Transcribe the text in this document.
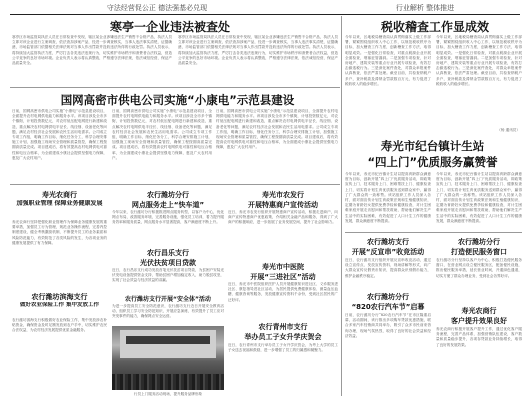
守法经营促公正 德法强基必兑现	行业解析 整体推进
寒亭一企业违法被查处
寒亭区市场监管局执法人员在日常检查中发现，辖区某企业涉嫌违法生产销售不合格产品，执法人员立即对该企业进行立案调查，依法查扣涉案产品，经进一步调查核实，当事人违法事实清楚，证据确凿，市场监管部门依据相关法律法规对当事人作出罚款并没收违法所得的行政处罚。执法人员表示，将持续加大监管执法力度，严厉打击各类违法违规行为，切实维护市场秩序和消费者合法权益，营造公平竞争的良好市场环境。企业负责人表示将认真整改，严格遵守法律法规，依法诚信经营，保证产品质量安全。
寒亭区市场监管局执法人员在日常检查中发现，辖区某企业涉嫌违法生产销售不合格产品，执法人员立即对该企业进行立案调查，依法查扣涉案产品，经进一步调查核实，当事人违法事实清楚，证据确凿，市场监管部门依据相关法律法规对当事人作出罚款并没收违法所得的行政处罚。执法人员表示，将持续加大监管执法力度，严厉打击各类违法违规行为，切实维护市场秩序和消费者合法权益，营造公平竞争的良好市场环境。企业负责人表示将认真整改，严格遵守法律法规，依法诚信经营，保证产品质量安全。
税收稽查工作显成效
今年以来，区地税局稽查局认真贯彻落实上级工作部署，紧紧围绕组织收入中心工作，以规范税收秩序为目标，加大稽查工作力度，创新稽查工作方法，取得明显成效。一是强化日常检查，对重点税源企业开展全面检查，堵塞征管漏洞。二是加强专项检查，针对房地产、建筑安装等重点行业开展专项检查，有效打击偷逃税行为。三是深化案件查处，对群众举报案件认真核查，依法严肃处理。截至目前，共检查纳税户多户，查补税款及滞纳金罚款数百万元，有力促进了税收收入的稳步增长。
今年以来，区地税局稽查局认真贯彻落实上级工作部署，紧紧围绕组织收入中心工作，以规范税收秩序为目标，加大稽查工作力度，创新稽查工作方法，取得明显成效。一是强化日常检查，对重点税源企业开展全面检查，堵塞征管漏洞。二是加强专项检查，针对房地产、建筑安装等重点行业开展专项检查，有效打击偷逃税行为。三是深化案件查处，对群众举报案件认真核查，依法严肃处理。截至目前，共检查纳税户多户，查补税款及滞纳金罚款数百万元，有力促进了税收收入的稳步增长。
（杨 通讯员）
国网高密市供电公司实施“小康电”示范县建设
日前，国网高密市供电公司实施“小康电”示范县建设项目，全面提升农村电网供电能力和服务水平。该项目涉及全市多个镇街，计划投资数亿元，对农村低压配电网进行新建和改造，重点解决农村电网供电半径长、线径细、设备老化等问题，满足农村经济社会发展和农民生活用电需求。公司成立专项工作组，明确工作目标，细化任务分工，科学合理安排施工计划，加强施工现场安全管理和质量管控，确保工程按期高质量完成。项目建成后，将有效提高农村电网供电可靠性和电压合格率，为全面建成小康社会提供坚强电力保障，惠及广大农村用户。
日前，国网高密市供电公司实施“小康电”示范县建设项目，全面提升农村电网供电能力和服务水平。该项目涉及全市多个镇街，计划投资数亿元，对农村低压配电网进行新建和改造，重点解决农村电网供电半径长、线径细、设备老化等问题，满足农村经济社会发展和农民生活用电需求。公司成立专项工作组，明确工作目标，细化任务分工，科学合理安排施工计划，加强施工现场安全管理和质量管控，确保工程按期高质量完成。项目建成后，将有效提高农村电网供电可靠性和电压合格率，为全面建成小康社会提供坚强电力保障，惠及广大农村用户。
日前，国网高密市供电公司实施“小康电”示范县建设项目，全面提升农村电网供电能力和服务水平。该项目涉及全市多个镇街，计划投资数亿元，对农村低压配电网进行新建和改造，重点解决农村电网供电半径长、线径细、设备老化等问题，满足农村经济社会发展和农民生活用电需求。公司成立专项工作组，明确工作目标，细化任务分工，科学合理安排施工计划，加强施工现场安全管理和质量管控，确保工程按期高质量完成。项目建成后，将有效提高农村电网供电可靠性和电压合格率，为全面建成小康社会提供坚强电力保障，惠及广大农村用户。	寿光市纪台镇计生站
“四上门”优质服务赢赞誉
今年以来，寿光市纪台镇计生站以提高育龄群众满意度为目标，创新开展“四上门”优质服务活动，即政策宣传上门、技术服务上门、困难帮扶上门、健康检查上门，切实将计划生育优质服务送到群众家中，赢得了广大群众的一致称赞。该站组织工作人员深入各村，面对面宣传计划生育政策法规和生殖健康知识，定期为育龄妇女提供免费孕检和健康检查，对计生困难家庭开展走访慰问和帮扶救助，帮助他们解决生产生活中的实际困难，有效促进了人口计生工作的健康发展，群众满意度不断提高。
今年以来，寿光市纪台镇计生站以提高育龄群众满意度为目标，创新开展“四上门”优质服务活动，即政策宣传上门、技术服务上门、困难帮扶上门、健康检查上门，切实将计划生育优质服务送到群众家中，赢得了广大群众的一致称赞。该站组织工作人员深入各村，面对面宣传计划生育政策法规和生殖健康知识，定期为育龄妇女提供免费孕检和健康检查，对计生困难家庭开展走访慰问和帮扶救助，帮助他们解决生产生活中的实际困难，有效促进了人口计生工作的健康发展，群众满意度不断提高。
寿光农商行
加强职业管理 保障业务健康发展
寿光农商行坚持把强化职业管理作为保障业务健康发展的重要举措，加强员工行为管理，规范业务操作流程，完善内控制度建设，健全考核激励机制，不断提升员工的业务素质和风险防范能力，有效防范了各类风险的发生，为各项业务的健康发展提供了有力保障。
农行潍坊分行
网点服务走上“快车道”
今年以来，农行潍坊分行积极推进网点服务转型，以客户为中心，优化网点布局，改善服务环境，完善服务设施，强化员工培训，着力提升服务效率和服务质量，网点服务水平显著提高，客户满意度不断上升。
寿光市农发行
开展特惠商户宣传活动
近日，寿光市农发行组织开展特惠商户宣传活动，积极走进商户，向商户宣传特惠商户优惠政策，介绍相关金融产品和服务，得到了广大商户的积极响应，进一步拓展了业务发展空间，提升了社会影响力。
农行潍坊分行
打造便民服务窗口
农行潍坊分行坚持以客户为中心，积极打造便民服务窗口，在营业网点设立便民服务区，配备便民设施，推出便民服务举措，延长营业时间，开通绿色通道，切实方便了群众办理业务，受到社会各界好评。
农行潍坊支行
开展“反宣串”收竞活动
近日，农行潍坊支行组织开展反宣串收竞活动，通过设立宣传点、发放宣传资料、现场讲解等形式，向广大群众宣传反假货币知识，提高群众识别假币能力，维护金融秩序稳定。
农行昌乐支行
光伏扶贫项目贷款
近日，农行昌乐支行成功发放首笔光伏扶贫项目贷款，为贫困户安装光伏发电设备提供资金支持，帮助贫困户增加稳定收入，助力脱贫攻坚，实现了社会效益与经济效益的双赢。
寿光市中医院
开展“三进社区”活动
近日，寿光市中医院组织医护人员开展健康知识进社区、义诊服务进社区、康复指导进社区活动，为居民提供免费健康体检、测量血压血糖、健康咨询等服务，发放健康宣传资料千余份，受到社区居民的广泛好评。	农行潍坊分行
“820农行汽车节”启幕
日前，农行潍坊分行“820农行汽车节”在市区隆重启幕，活动期间，该行推出多项购车贷款优惠措施，联合多家汽车经销商共同举办，吸引了众多市民前来咨询办理，现场气氛热烈，取得了良好的社会效益和经济效益。
寿光农商行
客户提升效果良好
寿光农商行积极开展客户提升工作，通过优化客户服务流程，完善产品体系，加强营销队伍建设，客户数量和质量稳步提升，各项存贷款业务持续增长，取得了良好的发展效果。
农行潍坊滨海支行
做好农业保险工作 集中发放工作
农行潍坊滨海支行积极做好农业保险工作，集中发放涉农补贴资金，确保资金及时足额发放到农户手中，切实维护农民合法权益，为农村经济发展提供优质金融服务。
农行潍坊支行开展“安全体”活动
为进一步提高员工安全防范意识，农行潍坊支行近日开展安全教育活动，组织员工学习安全防范知识，开展应急演练，有效提升了员工应对突发事件的能力，确保网点安全运营。
农行青州市支行
举办员工子女升学庆贺会
近日，农行青州市支行举办员工子女升学庆贺会，为考上大学的员工子女送去祝福和鼓励，进一步增强了员工的归属感和凝聚力。
行员上门服务活动现场，提升服务品牌形象
